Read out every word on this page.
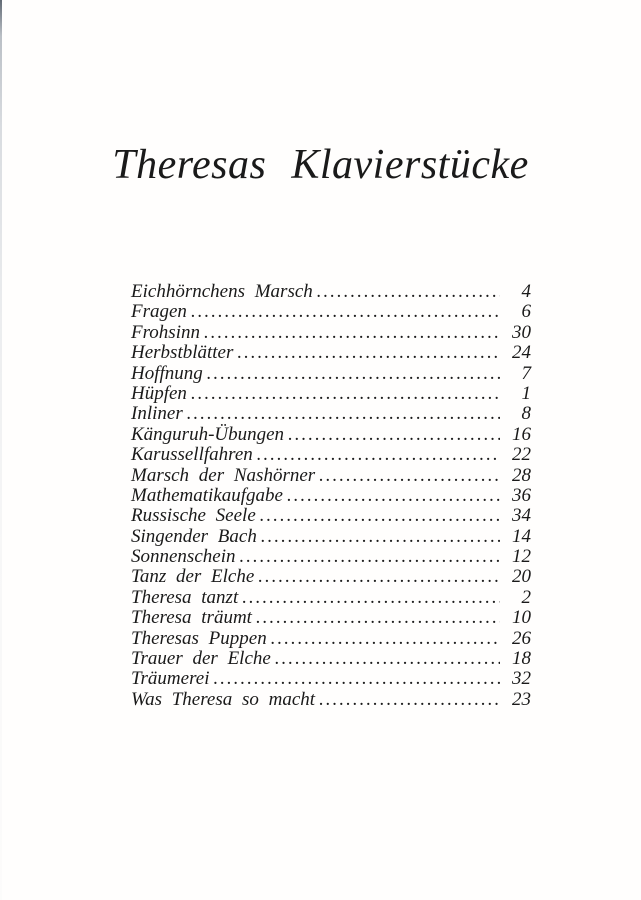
Theresas Klavierstücke
Eichhörnchens Marsch .....	4
Fragen .....	6
Frohsinn .....	30
Herbstblätter .....	24
Hoffnung .....	7
Hüpfen .....	1
Inliner .....	8
Känguruh-Übungen .....	16
Karussellfahren .....	22
Marsch der Nashörner .....	28
Mathematikaufgabe .....	36
Russische Seele .....	34
Singender Bach .....	14
Sonnenschein .....	12
Tanz der Elche .....	20
Theresa tanzt .....	2
Theresa träumt .....	10
Theresas Puppen .....	26
Trauer der Elche .....	18
Träumerei .....	32
Was Theresa so macht .....	23
